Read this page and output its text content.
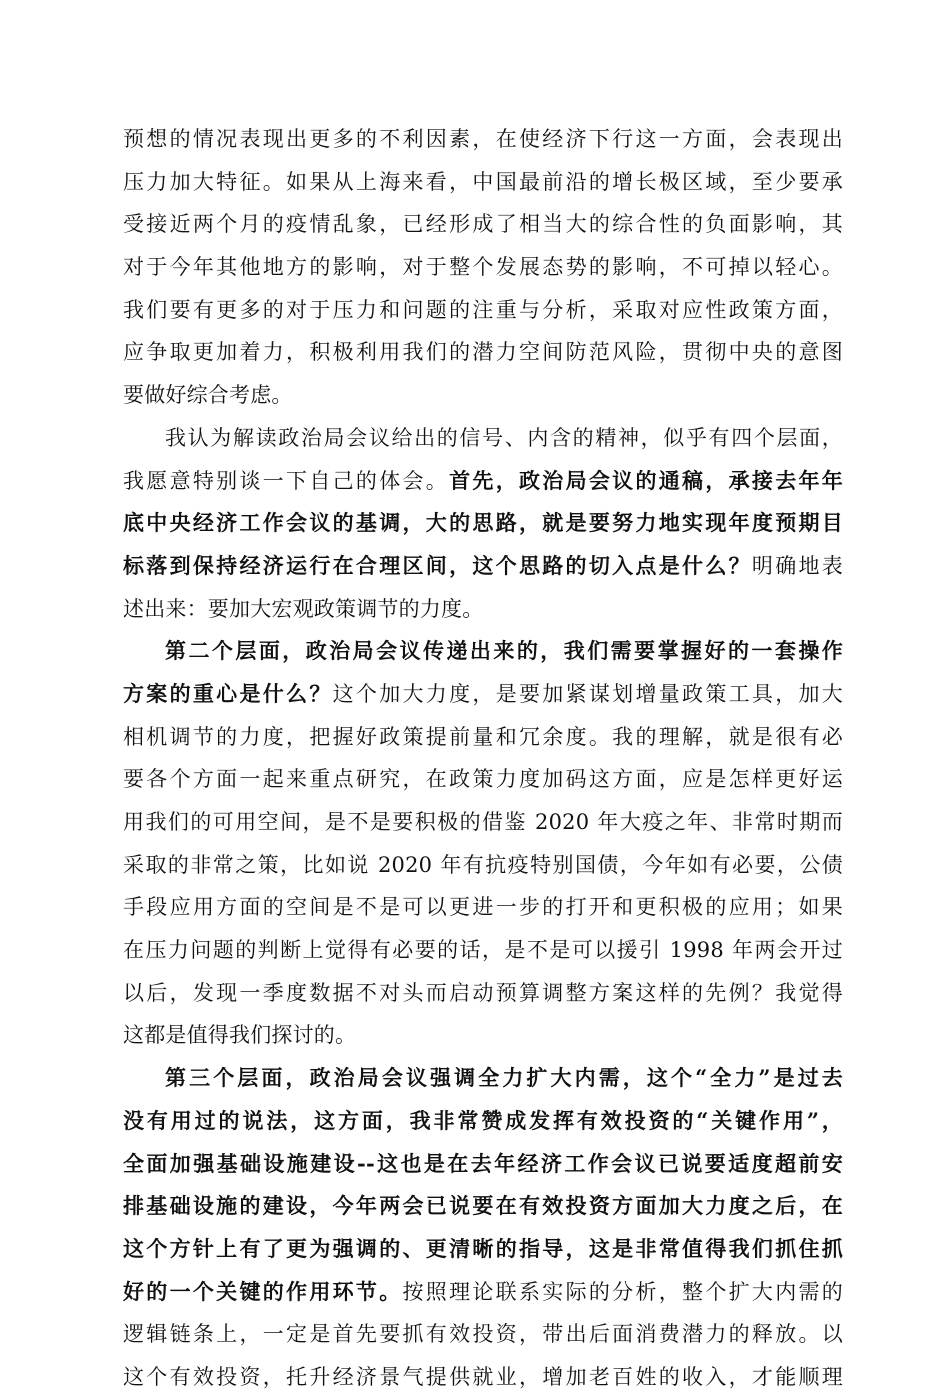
预想的情况表现出更多的不利因素，在使经济下行这一方面，会表现出
压力加大特征。如果从上海来看，中国最前沿的增长极区域，至少要承
受接近两个月的疫情乱象，已经形成了相当大的综合性的负面影响，其
对于今年其他地方的影响，对于整个发展态势的影响，不可掉以轻心。
我们要有更多的对于压力和问题的注重与分析，采取对应性政策方面，
应争取更加着力，积极利用我们的潜力空间防范风险，贯彻中央的意图
要做好综合考虑。
我认为解读政治局会议给出的信号、内含的精神，似乎有四个层面，
我愿意特别谈一下自己的体会。首先，政治局会议的通稿，承接去年年
底中央经济工作会议的基调，大的思路，就是要努力地实现年度预期目
标落到保持经济运行在合理区间，这个思路的切入点是什么？明确地表
述出来：要加大宏观政策调节的力度。
第二个层面，政治局会议传递出来的，我们需要掌握好的一套操作
方案的重心是什么？这个加大力度，是要加紧谋划增量政策工具，加大
相机调节的力度，把握好政策提前量和冗余度。我的理解，就是很有必
要各个方面一起来重点研究，在政策力度加码这方面，应是怎样更好运
用我们的可用空间，是不是要积极的借鉴 2020 年大疫之年、非常时期而
采取的非常之策，比如说 2020 年有抗疫特别国债，今年如有必要，公债
手段应用方面的空间是不是可以更进一步的打开和更积极的应用；如果
在压力问题的判断上觉得有必要的话，是不是可以援引 1998 年两会开过
以后，发现一季度数据不对头而启动预算调整方案这样的先例？我觉得
这都是值得我们探讨的。
第三个层面，政治局会议强调全力扩大内需，这个“全力”是过去
没有用过的说法，这方面，我非常赞成发挥有效投资的“关键作用”，
全面加强基础设施建设--这也是在去年经济工作会议已说要适度超前安
排基础设施的建设，今年两会已说要在有效投资方面加大力度之后，在
这个方针上有了更为强调的、更清晰的指导，这是非常值得我们抓住抓
好的一个关键的作用环节。按照理论联系实际的分析，整个扩大内需的
逻辑链条上，一定是首先要抓有效投资，带出后面消费潜力的释放。以
这个有效投资，托升经济景气提供就业，增加老百姓的收入，才能顺理
